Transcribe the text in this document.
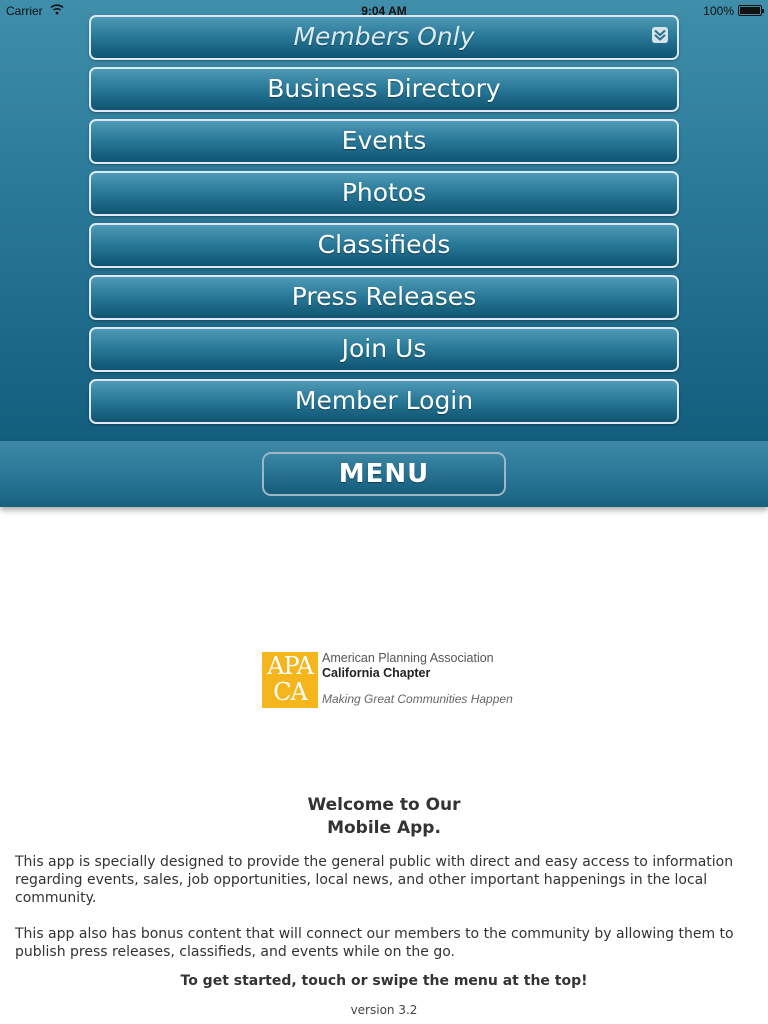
Carrier	9:04 AM	100%
Members Only
Business Directory
Events
Photos
Classifieds
Press Releases
Join Us
Member Login
MENU
APA
CA
American Planning Association
California Chapter
Making Great Communities Happen
Welcome to Our
Mobile App.

This app is specially designed to provide the general public with direct and easy access to information regarding events, sales, job opportunities, local news, and other important happenings in the local community.

This app also has bonus content that will connect our members to the community by allowing them to publish press releases, classifieds, and events while on the go.

To get started, touch or swipe the menu at the top!
version 3.2
